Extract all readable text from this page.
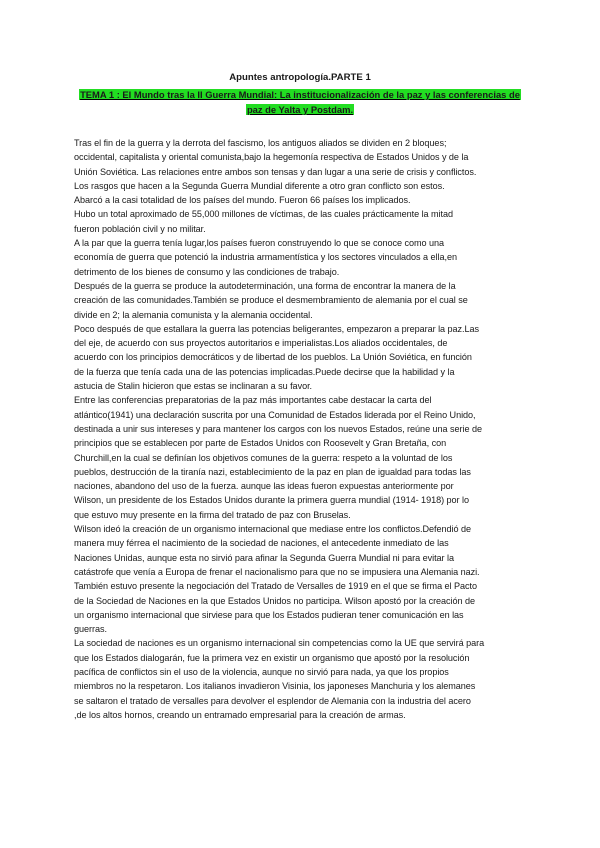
Apuntes antropología.PARTE 1
TEMA 1 : El Mundo tras la II Guerra Mundial: La institucionalización de la paz y las conferencias de
paz de Yalta y Postdam.
Tras el fin de la guerra y la derrota del fascismo, los antiguos aliados se dividen en 2 bloques;
occidental, capitalista y oriental comunista,bajo la hegemonía respectiva de Estados Unidos y de la
Unión Soviética. Las relaciones entre ambos son tensas y dan lugar a una serie de crisis y conflictos.
Los rasgos que hacen a la Segunda Guerra Mundial diferente a otro gran conflicto son estos.
Abarcó a la casi totalidad de los países del mundo. Fueron 66 países los implicados.
Hubo un total aproximado de 55,000 millones de víctimas, de las cuales prácticamente la mitad
fueron población civil y no militar.
A la par que la guerra tenía lugar,los países fueron construyendo lo que se conoce como una
economía de guerra que potenció la industria armamentística y los sectores vinculados a ella,en
detrimento de los bienes de consumo y las condiciones de trabajo.
Después de la guerra se produce la autodeterminación, una forma de encontrar la manera de la
creación de las comunidades.También se produce el desmembramiento de alemania por el cual se
divide en 2; la alemania comunista y la alemania occidental.
Poco después de que estallara la guerra las potencias beligerantes, empezaron a preparar la paz.Las
del eje, de acuerdo con sus proyectos autoritarios e imperialistas.Los aliados occidentales, de
acuerdo con los principios democráticos y de libertad de los pueblos. La Unión Soviética, en función
de la fuerza que tenía cada una de las potencias implicadas.Puede decirse que la habilidad y la
astucia de Stalin hicieron que estas se inclinaran a su favor.
Entre las conferencias preparatorias de la paz más importantes cabe destacar la carta del
atlántico(1941) una declaración suscrita por una Comunidad de Estados liderada por el Reino Unido,
destinada a unir sus intereses y para mantener los cargos con los nuevos Estados, reúne una serie de
principios que se establecen por parte de Estados Unidos con Roosevelt y Gran Bretaña, con
Churchill,en la cual se definían los objetivos comunes de la guerra: respeto a la voluntad de los
pueblos, destrucción de la tiranía nazi, establecimiento de la paz en plan de igualdad para todas las
naciones, abandono del uso de la fuerza. aunque las ideas fueron expuestas anteriormente por
Wilson, un presidente de los Estados Unidos durante la primera guerra mundial (1914- 1918) por lo
que estuvo muy presente en la firma del tratado de paz con Bruselas.
Wilson ideó la creación de un organismo internacional que mediase entre los conflictos.Defendió de
manera muy férrea el nacimiento de la sociedad de naciones, el antecedente inmediato de las
Naciones Unidas, aunque esta no sirvió para afinar la Segunda Guerra Mundial ni para evitar la
catástrofe que venía a Europa de frenar el nacionalismo para que no se impusiera una Alemania nazi.
También estuvo presente la negociación del Tratado de Versalles de 1919 en el que se firma el Pacto
de la Sociedad de Naciones en la que Estados Unidos no participa. Wilson apostó por la creación de
un organismo internacional que sirviese para que los Estados pudieran tener comunicación en las
guerras.
La sociedad de naciones es un organismo internacional sin competencias como la UE que servirá para
que los Estados dialogarán, fue la primera vez en existir un organismo que apostó por la resolución
pacífica de conflictos sin el uso de la violencia, aunque no sirvió para nada, ya que los propios
miembros no la respetaron. Los italianos invadieron Visinia, los japoneses Manchuria y los alemanes
se saltaron el tratado de versalles para devolver el esplendor de Alemania con la industria del acero
,de los altos hornos, creando un entramado empresarial para la creación de armas.
